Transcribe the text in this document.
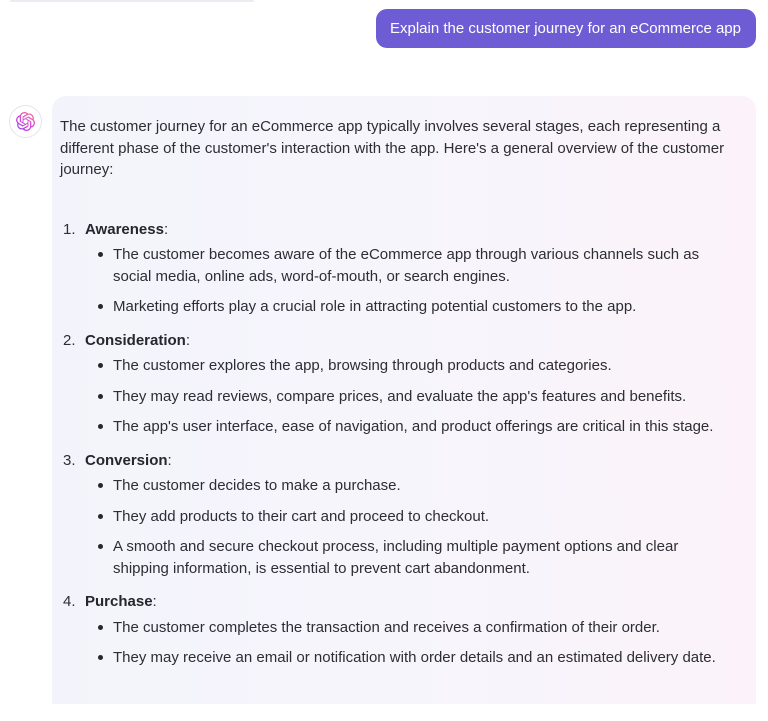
Explain the customer journey for an eCommerce app

The customer journey for an eCommerce app typically involves several stages, each representing a different phase of the customer's interaction with the app. Here's a general overview of the customer journey:

1. Awareness:
The customer becomes aware of the eCommerce app through various channels such as social media, online ads, word-of-mouth, or search engines.
Marketing efforts play a crucial role in attracting potential customers to the app.
2. Consideration:
The customer explores the app, browsing through products and categories.
They may read reviews, compare prices, and evaluate the app's features and benefits.
The app's user interface, ease of navigation, and product offerings are critical in this stage.
3. Conversion:
The customer decides to make a purchase.
They add products to their cart and proceed to checkout.
A smooth and secure checkout process, including multiple payment options and clear shipping information, is essential to prevent cart abandonment.
4. Purchase:
The customer completes the transaction and receives a confirmation of their order.
They may receive an email or notification with order details and an estimated delivery date.
